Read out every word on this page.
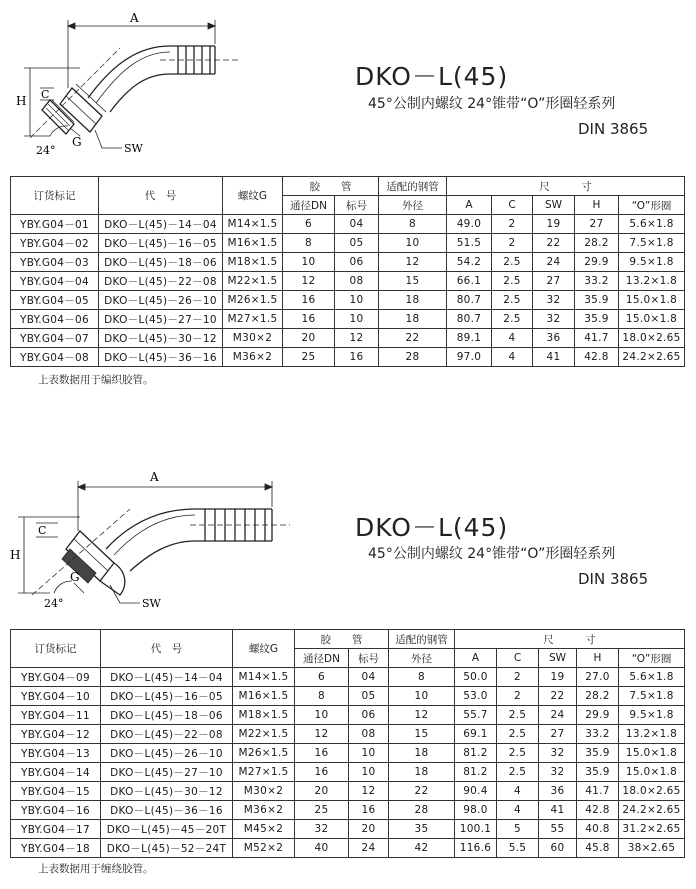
A
H C
G
24°	SW
DKO－L(45)
45°公制内螺纹 24°锥带“O”形圈轻系列
DIN 3865
订货标记	代　号	螺纹G	胶　　管		适配的钢管	尺　　　寸				
			通径DN	标号	外径	A	C	SW	H	“O”形圈
YBY.G04－01	DKO－L(45)－14－04	M14×1.5	6	04	8	49.0	2	19	27	5.6×1.8
YBY.G04－02	DKO－L(45)－16－05	M16×1.5	8	05	10	51.5	2	22	28.2	7.5×1.8
YBY.G04－03	DKO－L(45)－18－06	M18×1.5	10	06	12	54.2	2.5	24	29.9	9.5×1.8
YBY.G04－04	DKO－L(45)－22－08	M22×1.5	12	08	15	66.1	2.5	27	33.2	13.2×1.8
YBY.G04－05	DKO－L(45)－26－10	M26×1.5	16	10	18	80.7	2.5	32	35.9	15.0×1.8
YBY.G04－06	DKO－L(45)－27－10	M27×1.5	16	10	18	80.7	2.5	32	35.9	15.0×1.8
YBY.G04－07	DKO－L(45)－30－12	M30×2	20	12	22	89.1	4	36	41.7	18.0×2.65
YBY.G04－08	DKO－L(45)－36－16	M36×2	25	16	28	97.0	4	41	42.8	24.2×2.65
上表数据用于编织胶管。
A
H
C
G
24°	SW
DKO－L(45)
45°公制内螺纹 24°锥带“O”形圈轻系列
DIN 3865
订货标记	代　号	螺纹G	胶　　管		适配的钢管	尺　　　寸				
			通径DN	标号	外径	A	C	SW	H	“O”形圈
YBY.G04－09	DKO－L(45)－14－04	M14×1.5	6	04	8	50.0	2	19	27.0	5.6×1.8
YBY.G04－10	DKO－L(45)－16－05	M16×1.5	8	05	10	53.0	2	22	28.2	7.5×1.8
YBY.G04－11	DKO－L(45)－18－06	M18×1.5	10	06	12	55.7	2.5	24	29.9	9.5×1.8
YBY.G04－12	DKO－L(45)－22－08	M22×1.5	12	08	15	69.1	2.5	27	33.2	13.2×1.8
YBY.G04－13	DKO－L(45)－26－10	M26×1.5	16	10	18	81.2	2.5	32	35.9	15.0×1.8
YBY.G04－14	DKO－L(45)－27－10	M27×1.5	16	10	18	81.2	2.5	32	35.9	15.0×1.8
YBY.G04－15	DKO－L(45)－30－12	M30×2	20	12	22	90.4	4	36	41.7	18.0×2.65
YBY.G04－16	DKO－L(45)－36－16	M36×2	25	16	28	98.0	4	41	42.8	24.2×2.65
YBY.G04－17	DKO－L(45)－45－20T	M45×2	32	20	35	100.1	5	55	40.8	31.2×2.65
YBY.G04－18	DKO－L(45)－52－24T	M52×2	40	24	42	116.6	5.5	60	45.8	38×2.65
上表数据用于缠绕胶管。
